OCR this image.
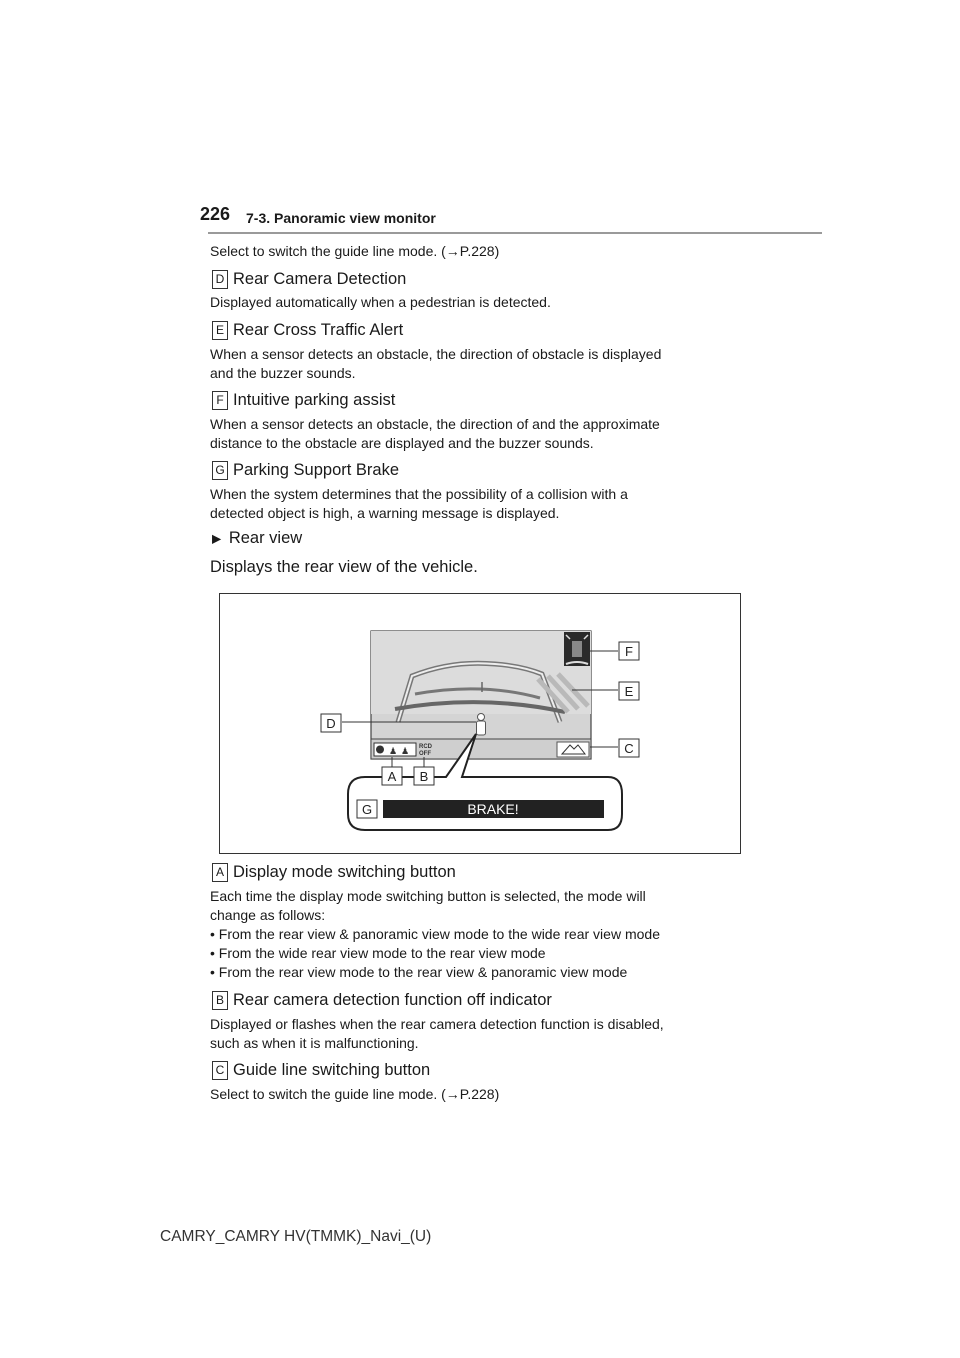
226 7-3. Panoramic view monitor
Select to switch the guide line mode. (→P.228)
D Rear Camera Detection
Displayed automatically when a pedestrian is detected.
E Rear Cross Traffic Alert
When a sensor detects an obstacle, the direction of obstacle is displayed
and the buzzer sounds.
F Intuitive parking assist
When a sensor detects an obstacle, the direction of and the approximate
distance to the obstacle are displayed and the buzzer sounds.
G Parking Support Brake
When the system determines that the possibility of a collision with a
detected object is high, a warning message is displayed.
▶ Rear view
Displays the rear view of the vehicle.
♟ ♟ RCD
OFF
BRAKE!
F
E
C
D
A B
G
A Display mode switching button
Each time the display mode switching button is selected, the mode will
change as follows:
• From the rear view & panoramic view mode to the wide rear view mode
• From the wide rear view mode to the rear view mode
• From the rear view mode to the rear view & panoramic view mode
B Rear camera detection function off indicator
Displayed or flashes when the rear camera detection function is disabled,
such as when it is malfunctioning.
C Guide line switching button
Select to switch the guide line mode. (→P.228)
CAMRY_CAMRY HV(TMMK)_Navi_(U)
